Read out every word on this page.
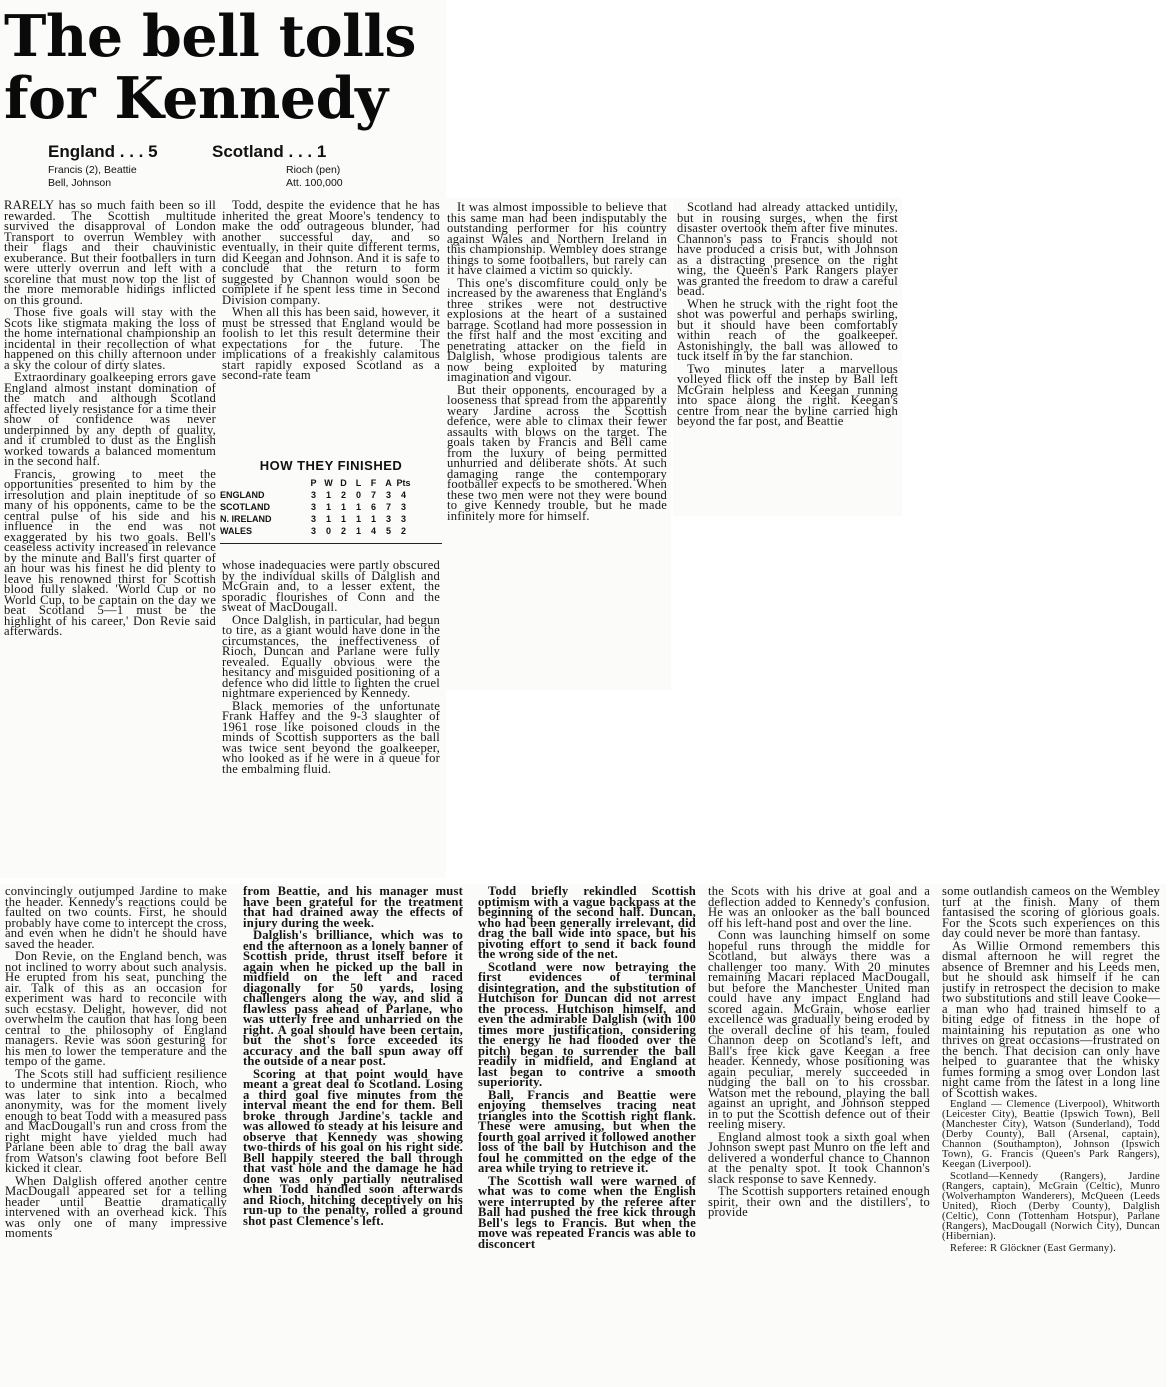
The bell tolls
for Kennedy
England . . . 5	Scotland . . . 1
Francis (2), Beattie
Bell, Johnson
Rioch (pen)
Att. 100,000

RARELY has so much faith been so ill rewarded. The Scottish multitude survived the disapproval of London Transport to overrun Wembley with their flags and their chauvinistic exuberance. But their footballers in turn were utterly overrun and left with a scoreline that must now top the list of the more memorable hidings inflicted on this ground.

Those five goals will stay with the Scots like stigmata making the loss of the home international championship an incidental in their recollection of what happened on this chilly afternoon under a sky the colour of dirty slates.

Extraordinary goalkeeping errors gave England almost instant domination of the match and although Scotland affected lively resistance for a time their show of confidence was never underpinned by any depth of quality, and it crumbled to dust as the English worked towards a balanced momentum in the second half.

Francis, growing to meet the opportunities presented to him by the irresolution and plain ineptitude of so many of his opponents, came to be the central pulse of his side and his influence in the end was not exaggerated by his two goals. Bell's ceaseless activity increased in relevance by the minute and Ball's first quarter of an hour was his finest he did plenty to leave his renowned thirst for Scottish blood fully slaked. 'World Cup or no World Cup, to be captain on the day we beat Scotland 5—1 must be the highlight of his career,' Don Revie said afterwards.

Todd, despite the evidence that he has inherited the great Moore's tendency to make the odd outrageous blunder, had another successful day, and so eventually, in their quite different terms, did Keegan and Johnson. And it is safe to conclude that the return to form suggested by Channon would soon be complete if he spent less time in Second Division company.

When all this has been said, however, it must be stressed that England would be foolish to let this result determine their expectations for the future. The implications of a freakishly calamitous start rapidly exposed Scotland as a second-rate team

HOW THEY FINISHED
P W D	L	F	A Pts
ENGLAND	3	1	2	0	7	3	4
SCOTLAND	3	1	1	1	6	7	3
N. IRELAND	3	1	1	1	1	3	3
WALES	3	0	2	1	4	5	2

whose inadequacies were partly obscured by the individual skills of Dalglish and McGrain and, to a lesser extent, the sporadic flourishes of Conn and the sweat of MacDougall.

Once Dalglish, in particular, had begun to tire, as a giant would have done in the circumstances, the ineffectiveness of Rioch, Duncan and Parlane were fully revealed. Equally obvious were the hesitancy and misguided positioning of a defence who did little to lighten the cruel nightmare experienced by Kennedy.

Black memories of the unfortunate Frank Haffey and the 9-3 slaughter of 1961 rose like poisoned clouds in the minds of Scottish supporters as the ball was twice sent beyond the goalkeeper, who looked as if he were in a queue for the embalming fluid.

It was almost impossible to believe that this same man had been indisputably the outstanding performer for his country against Wales and Northern Ireland in this championship. Wembley does strange things to some footballers, but rarely can it have claimed a victim so quickly.

This one's discomfiture could only be increased by the awareness that England's three strikes were not destructive explosions at the heart of a sustained barrage. Scotland had more possession in the first half and the most exciting and penetrating attacker on the field in Dalglish, whose prodigious talents are now being exploited by maturing imagination and vigour.

But their opponents, encouraged by a looseness that spread from the apparently weary Jardine across the Scottish defence, were able to climax their fewer assaults with blows on the target. The goals taken by Francis and Bell came from the luxury of being permitted unhurried and deliberate shots. At such damaging range the contemporary footballer expects to be smothered. When these two men were not they were bound to give Kennedy trouble, but he made infinitely more for himself.

Scotland had already attacked untidily, but in rousing surges, when the first disaster overtook them after five minutes. Channon's pass to Francis should not have produced a crisis but, with Johnson as a distracting presence on the right wing, the Queen's Park Rangers player was granted the freedom to draw a careful bead.

When he struck with the right foot the shot was powerful and perhaps swirling, but it should have been comfortably within reach of the goalkeeper. Astonishingly, the ball was allowed to tuck itself in by the far stanchion.

Two minutes later a marvellous volleyed flick off the instep by Ball left McGrain helpless and Keegan running into space along the right. Keegan's centre from near the byline carried high beyond the far post, and Beattie

convincingly outjumped Jardine to make the header. Kennedy's reactions could be faulted on two counts. First, he should probably have come to intercept the cross, and even when he didn't he should have saved the header.

Don Revie, on the England bench, was not inclined to worry about such analysis. He erupted from his seat, punching the air. Talk of this as an occasion for experiment was hard to reconcile with such ecstasy. Delight, however, did not overwhelm the caution that has long been central to the philosophy of England managers. Revie was soon gesturing for his men to lower the temperature and the tempo of the game.

The Scots still had sufficient resilience to undermine that intention. Rioch, who was later to sink into a becalmed anonymity, was for the moment lively enough to beat Todd with a measured pass and MacDougall's run and cross from the right might have yielded much had Parlane been able to drag the ball away from Watson's clawing foot before Bell kicked it clear.

When Dalglish offered another centre MacDougall appeared set for a telling header until Beattie dramatically intervened with an overhead kick. This was only one of many impressive moments

from Beattie, and his manager must have been grateful for the treatment that had drained away the effects of injury during the week.

Dalglish's brilliance, which was to end the afternoon as a lonely banner of Scottish pride, thrust itself before it again when he picked up the ball in midfield on the left and raced diagonally for 50 yards, losing challengers along the way, and slid a flawless pass ahead of Parlane, who was utterly free and unharried on the right. A goal should have been certain, but the shot's force exceeded its accuracy and the ball spun away off the outside of a near post.

Scoring at that point would have meant a great deal to Scotland. Losing a third goal five minutes from the interval meant the end for them. Bell broke through Jardine's tackle and was allowed to steady at his leisure and observe that Kennedy was showing two-thirds of his goal on his right side. Bell happily steered the ball through that vast hole and the damage he had done was only partially neutralised when Todd handled soon afterwards and Rioch, hitching deceptively on his run-up to the penalty, rolled a ground shot past Clemence's left.

Todd briefly rekindled Scottish optimism with a vague backpass at the beginning of the second half. Duncan, who had been generally irrelevant, did drag the ball wide into space, but his pivoting effort to send it back found the wrong side of the net.

Scotland were now betraying the first evidences of terminal disintegration, and the substitution of Hutchison for Duncan did not arrest the process. Hutchison himself, and even the admirable Dalglish (with 100 times more justification, considering the energy he had flooded over the pitch) began to surrender the ball readily in midfield, and England at last began to contrive a smooth superiority.

Ball, Francis and Beattie were enjoying themselves tracing neat triangles into the Scottish right flank. These were amusing, but when the fourth goal arrived it followed another loss of the ball by Hutchison and the foul he committed on the edge of the area while trying to retrieve it.

The Scottish wall were warned of what was to come when the English were interrupted by the referee after Ball had pushed the free kick through Bell's legs to Francis. But when the move was repeated Francis was able to disconcert

the Scots with his drive at goal and a deflection added to Kennedy's confusion. He was an onlooker as the ball bounced off his left-hand post and over the line.

Conn was launching himself on some hopeful runs through the middle for Scotland, but always there was a challenger too many. With 20 minutes remaining Macari replaced MacDougall, but before the Manchester United man could have any impact England had scored again. McGrain, whose earlier excellence was gradually being eroded by the overall decline of his team, fouled Channon deep on Scotland's left, and Ball's free kick gave Keegan a free header. Kennedy, whose positioning was again peculiar, merely succeeded in nudging the ball on to his crossbar. Watson met the rebound, playing the ball against an upright, and Johnson stepped in to put the Scottish defence out of their reeling misery.

England almost took a sixth goal when Johnson swept past Munro on the left and delivered a wonderful chance to Channon at the penalty spot. It took Channon's slack response to save Kennedy.

The Scottish supporters retained enough spirit, their own and the distillers', to provide

some outlandish cameos on the Wembley turf at the finish. Many of them fantasised the scoring of glorious goals. For the Scots such experiences on this day could never be more than fantasy.

As Willie Ormond remembers this dismal afternoon he will regret the absence of Bremner and his Leeds men, but he should ask himself if he can justify in retrospect the decision to make two substitutions and still leave Cooke—a man who had trained himself to a biting edge of fitness in the hope of maintaining his reputation as one who thrives on great occasions—frustrated on the bench. That decision can only have helped to guarantee that the whisky fumes forming a smog over London last night came from the latest in a long line of Scottish wakes.

England — Clemence (Liverpool), Whitworth (Leicester City), Beattie (Ipswich Town), Bell (Manchester City), Watson (Sunderland), Todd (Derby County), Ball (Arsenal, captain), Channon (Southampton), Johnson (Ipswich Town), G. Francis (Queen's Park Rangers), Keegan (Liverpool).

Scotland—Kennedy (Rangers), Jardine (Rangers, captain), McGrain (Celtic), Munro (Wolverhampton Wanderers), McQueen (Leeds United), Rioch (Derby County), Dalglish (Celtic), Conn (Tottenham Hotspur), Parlane (Rangers), MacDougall (Norwich City), Duncan (Hibernian).

Referee: R Glöckner (East Germany).
